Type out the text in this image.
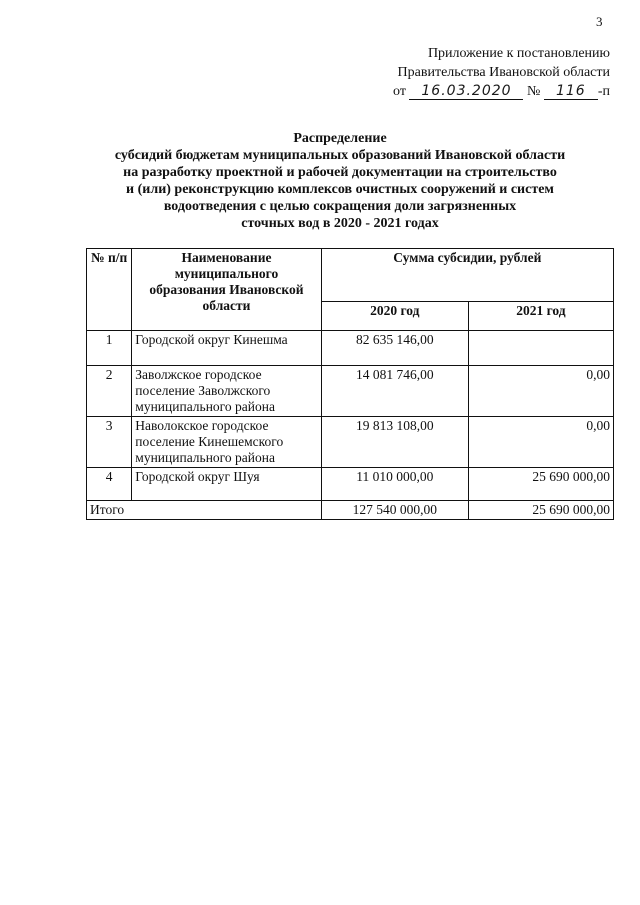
3
Приложение к постановлению
Правительства Ивановской области
от 16.03.2020 № 116 -п
Распределение
субсидий бюджетам муниципальных образований Ивановской области
на разработку проектной и рабочей документации на строительство
и (или) реконструкцию комплексов очистных сооружений и систем
водоотведения с целью сокращения доли загрязненных
сточных вод в 2020 - 2021 годах
№ п/п	Наименование муниципального образования Ивановской области	Сумма субсидии, рублей	
		2020 год	2021 год
1	Городской округ Кинешма	82 635 146,00	
2	Заволжское городское поселение Заволжского муниципального района	14 081 746,00	0,00
3	Наволокское городское поселение Кинешемского муниципального района	19 813 108,00	0,00
4	Городской округ Шуя	11 010 000,00	25 690 000,00
Итого		127 540 000,00	25 690 000,00
